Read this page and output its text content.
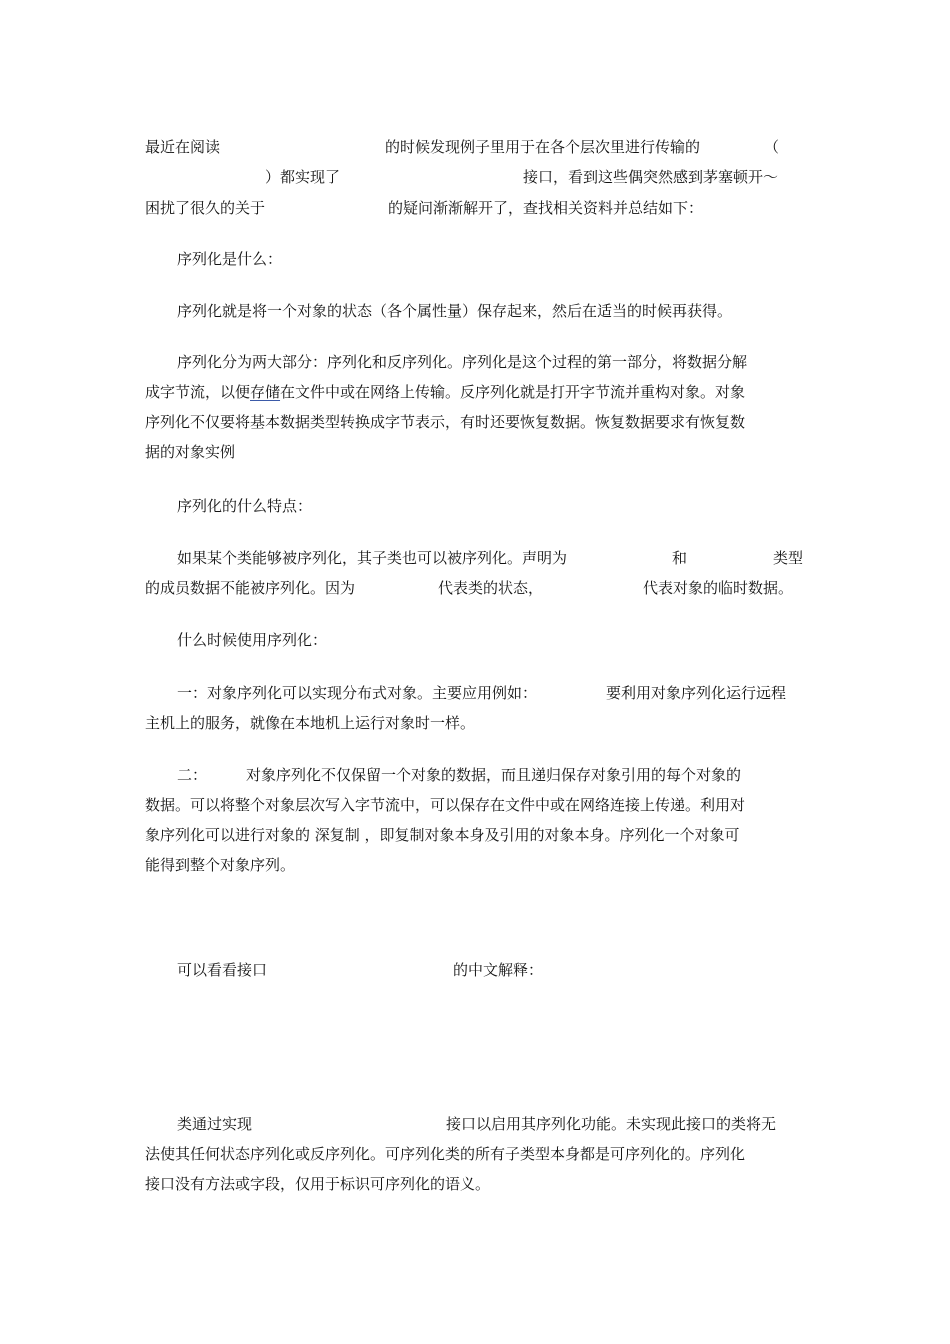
最近在阅读	的时候发现例子里用于在各个层次里进行传输的	（
）都实现了	接口，看到这些偶突然感到茅塞顿开～
困扰了很久的关于	的疑问渐渐解开了，查找相关资料并总结如下：
序列化是什么：
序列化就是将一个对象的状态（各个属性量）保存起来，然后在适当的时候再获得。
序列化分为两大部分：序列化和反序列化。序列化是这个过程的第一部分，将数据分解
成字节流，以便存储在文件中或在网络上传输。反序列化就是打开字节流并重构对象。对象
序列化不仅要将基本数据类型转换成字节表示，有时还要恢复数据。恢复数据要求有恢复数
据的对象实例
序列化的什么特点：
如果某个类能够被序列化，其子类也可以被序列化。声明为	和	类型
的成员数据不能被序列化。因为	代表类的状态，	代表对象的临时数据。
什么时候使用序列化：
一：对象序列化可以实现分布式对象。主要应用例如：	要利用对象序列化运行远程
主机上的服务，就像在本地机上运行对象时一样。
二：	对象序列化不仅保留一个对象的数据，而且递归保存对象引用的每个对象的
数据。可以将整个对象层次写入字节流中，可以保存在文件中或在网络连接上传递。利用对
象序列化可以进行对象的 深复制 ，即复制对象本身及引用的对象本身。序列化一个对象可
能得到整个对象序列。
可以看看接口	的中文解释：
类通过实现	接口以启用其序列化功能。未实现此接口的类将无
法使其任何状态序列化或反序列化。可序列化类的所有子类型本身都是可序列化的。序列化
接口没有方法或字段，仅用于标识可序列化的语义。
